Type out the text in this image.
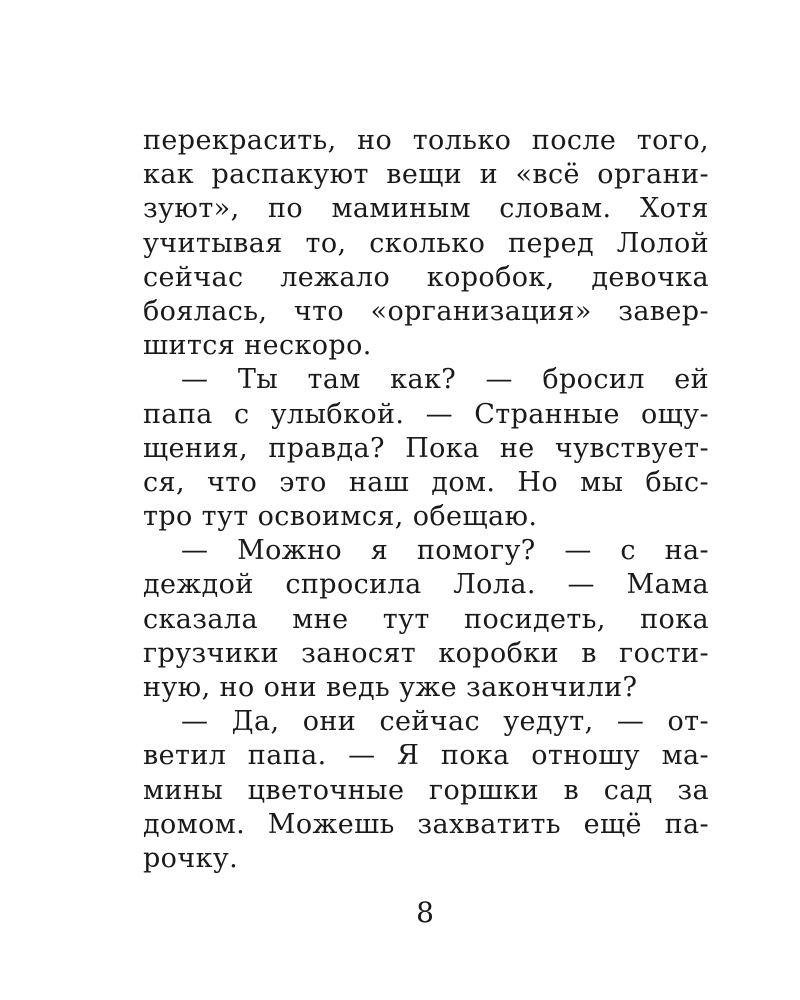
перекрасить, но только после того,
как распакуют вещи и «всё органи-
зуют», по маминым словам. Хотя
учитывая то, сколько перед Лолой
сейчас лежало коробок, девочка
боялась, что «организация» завер-
шится нескоро.
— Ты там как? — бросил ей
папа с улыбкой. — Странные ощу-
щения, правда? Пока не чувствует-
ся, что это наш дом. Но мы быс-
тро тут освоимся, обещаю.
— Можно я помогу? — с на-
деждой спросила Лола. — Мама
сказала мне тут посидеть, пока
грузчики заносят коробки в гости-
ную, но они ведь уже закончили?
— Да, они сейчас уедут, — от-
ветил папа. — Я пока отношу ма-
мины цветочные горшки в сад за
домом. Можешь захватить ещё па-
рочку.
8
